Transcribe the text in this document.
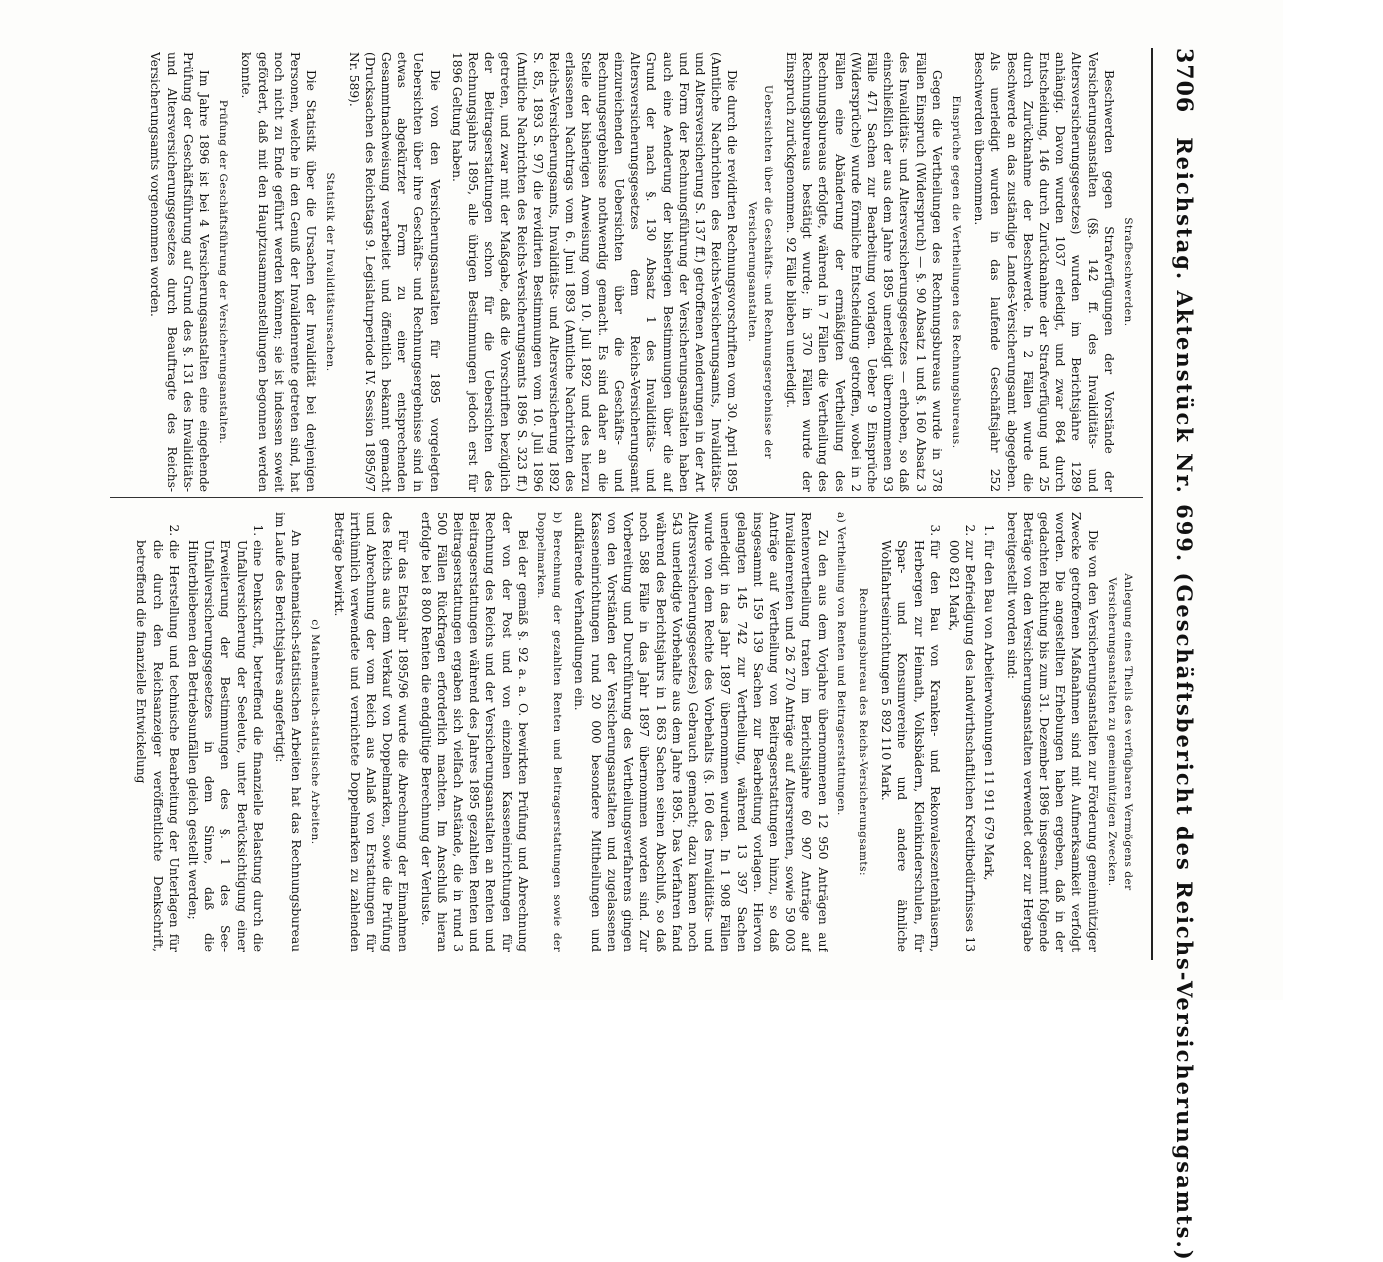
3706
Reichstag. Aktenstück Nr. 699. (Geschäftsbericht des Reichs-Versicherungsamts.)
Strafbeschwerden.

Beschwerden gegen Strafverfügungen der Vorstände der Versicherungsanstalten (§§. 142 ff. des Invaliditäts- und Altersversicherungsgesetzes) wurden im Berichtsjahre 1289 anhängig. Davon wurden 1037 erledigt, und zwar 864 durch Entscheidung, 146 durch Zurücknahme der Strafverfügung und 25 durch Zurücknahme der Beschwerde. In 2 Fällen wurde die Beschwerde an das zuständige Landes-Versicherungsamt abgegeben. Als unerledigt wurden in das laufende Geschäftsjahr 252 Beschwerden übernommen.

Einsprüche gegen die Vertheilungen des Rechnungsbureaus.

Gegen die Vertheilungen des Rechnungsbureaus wurde in 378 Fällen Einspruch (Widerspruch) — §. 90 Absatz 1 und §. 160 Absatz 3 des Invaliditäts- und Altersversicherungsgesetzes — erhoben, so daß einschließlich der aus dem Jahre 1895 unerledigt übernommenen 93 Fälle 471 Sachen zur Bearbeitung vorlagen. Ueber 9 Einsprüche (Widersprüche) wurde förmliche Entscheidung getroffen, wobei in 2 Fällen eine Abänderung der ermäßigten Vertheilung des Rechnungsbureaus erfolgte, während in 7 Fällen die Vertheilung des Rechnungsbureaus bestätigt wurde; in 370 Fällen wurde der Einspruch zurückgenommen. 92 Fälle blieben unerledigt.

Uebersichten über die Geschäfts- und Rechnungsergebnisse der Versicherungsanstalten.

Die durch die revidirten Rechnungsvorschriften vom 30. April 1895 (Amtliche Nachrichten des Reichs-Versicherungsamts, Invaliditäts- und Altersversicherung S. 137 ff.) getroffenen Aenderungen in der Art und Form der Rechnungsführung der Versicherungsanstalten haben auch eine Aenderung der bisherigen Bestimmungen über die auf Grund der nach §. 130 Absatz 1 des Invaliditäts- und Altersversicherungsgesetzes dem Reichs-Versicherungsamt einzureichenden Uebersichten über die Geschäfts- und Rechnungsergebnisse nothwendig gemacht. Es sind daher an die Stelle der bisherigen Anweisung vom 10. Juli 1892 und des hierzu erlassenen Nachtrags vom 6. Juni 1893 (Amtliche Nachrichten des Reichs-Versicherungsamts, Invaliditäts- und Altersversicherung 1892 S. 85, 1893 S. 97) die revidirten Bestimmungen vom 10. Juli 1896 (Amtliche Nachrichten des Reichs-Versicherungsamts 1896 S. 323 ff.) getreten, und zwar mit der Maßgabe, daß die Vorschriften bezüglich der Beitragserstattungen schon für die Uebersichten des Rechnungsjahrs 1895, alle übrigen Bestimmungen jedoch erst für 1896 Geltung haben.

Die von den Versicherungsanstalten für 1895 vorgelegten Uebersichten über ihre Geschäfts- und Rechnungsergebnisse sind in etwas abgekürzter Form zu einer entsprechenden Gesammtnachweisung verarbeitet und öffentlich bekannt gemacht (Drucksachen des Reichstags 9. Legislaturperiode IV. Session 1895/97 Nr. 589).

Statistik der Invaliditätsursachen.

Die Statistik über die Ursachen der Invalidität bei denjenigen Personen, welche in den Genuß der Invalidenrente getreten sind, hat noch nicht zu Ende geführt werden können; sie ist indessen soweit gefördert, daß mit den Hauptzusammenstellungen begonnen werden konnte.

Prüfung der Geschäftsführung der Versicherungsanstalten.

Im Jahre 1896 ist bei 4 Versicherungsanstalten eine eingehende Prüfung der Geschäftsführung auf Grund des §. 131 des Invaliditäts- und Altersversicherungsgesetzes durch Beauftragte des Reichs-Versicherungsamts vorgenommen worden.

Anlegung eines Theils des verfügbaren Vermögens der Versicherungsanstalten zu gemeinnützigen Zwecken.

Die von den Versicherungsanstalten zur Förderung gemeinnütziger Zwecke getroffenen Maßnahmen sind mit Aufmerksamkeit verfolgt worden. Die angestellten Erhebungen haben ergeben, daß in der gedachten Richtung bis zum 31. Dezember 1896 insgesammt folgende Beträge von den Versicherungsanstalten verwendet oder zur Hergabe bereitgestellt worden sind:

1. für den Bau von Arbeiterwohnungen 11 911 679 Mark,
2. zur Befriedigung des landwirthschaftlichen Kreditbedürfnisses 13 000 821 Mark,
3. für den Bau von Kranken- und Rekonvaleszentenhäusern, Herbergen zur Heimath, Volksbädern, Kleinkinderschulen, für Spar- und Konsumvereine und andere ähnliche Wohlfahrtseinrichtungen 5 892 110 Mark.
Rechnungsbureau des Reichs-Versicherungsamts:
a) Vertheilung von Renten und Beitragserstattungen.

Zu den aus dem Vorjahre übernommenen 12 950 Anträgen auf Rentenvertheilung traten im Berichtsjahre 60 907 Anträge auf Invalidenrenten und 26 270 Anträge auf Altersrenten, sowie 59 003 Anträge auf Vertheilung von Beitragserstattungen hinzu, so daß insgesammt 159 139 Sachen zur Bearbeitung vorlagen. Hiervon gelangten 145 742 zur Vertheilung, während 13 397 Sachen unerledigt in das Jahr 1897 übernommen wurden. In 1 908 Fällen wurde von dem Rechte des Vorbehalts (§. 160 des Invaliditäts- und Altersversicherungsgesetzes) Gebrauch gemacht; dazu kamen noch 543 unerledigte Vorbehalte aus dem Jahre 1895. Das Verfahren fand während des Berichtsjahrs in 1 863 Sachen seinen Abschluß, so daß noch 588 Fälle in das Jahr 1897 übernommen worden sind. Zur Vorbereitung und Durchführung des Vertheilungsverfahrens gingen von den Vorständen der Versicherungsanstalten und zugelassenen Kasseneinrichtungen rund 20 000 besondere Mittheilungen und aufklärende Verhandlungen ein.

b) Berechnung der gezahlten Renten und Beitragserstattungen sowie der Doppelmarken.

Bei der gemäß §. 92 a. a. O. bewirkten Prüfung und Abrechnung der von der Post und von einzelnen Kasseneinrichtungen für Rechnung des Reichs und der Versicherungsanstalten an Renten und Beitragserstattungen während des Jahres 1895 gezahlten Renten und Beitragserstattungen ergaben sich vielfach Anstände, die in rund 3 500 Fällen Rückfragen erforderlich machten. Im Anschluß hieran erfolgte bei 8 800 Renten die endgültige Berechnung der Verluste.

Für das Etatsjahr 1895/96 wurde die Abrechnung der Einnahmen des Reichs aus dem Verkauf von Doppelmarken, sowie die Prüfung und Abrechnung der vom Reich aus Anlaß von Erstattungen für irrthümlich verwendete und vernichtete Doppelmarken zu zahlenden Beträge bewirkt.

c) Mathematisch-statistische Arbeiten.

An mathematisch-statistischen Arbeiten hat das Rechnungsbureau im Laufe des Berichtsjahres angefertigt:

1. eine Denkschrift, betreffend die finanzielle Belastung durch die Unfallversicherung der Seeleute, unter Berücksichtigung einer Erweiterung der Bestimmungen des §. 1 des See-Unfallversicherungsgesetzes in dem Sinne, daß die Hinterbliebenen den Betriebsunfällen gleich gestellt werden;
2. die Herstellung und technische Bearbeitung der Unterlagen für die durch den Reichsanzeiger veröffentlichte Denkschrift, betreffend die finanzielle Entwickelung
